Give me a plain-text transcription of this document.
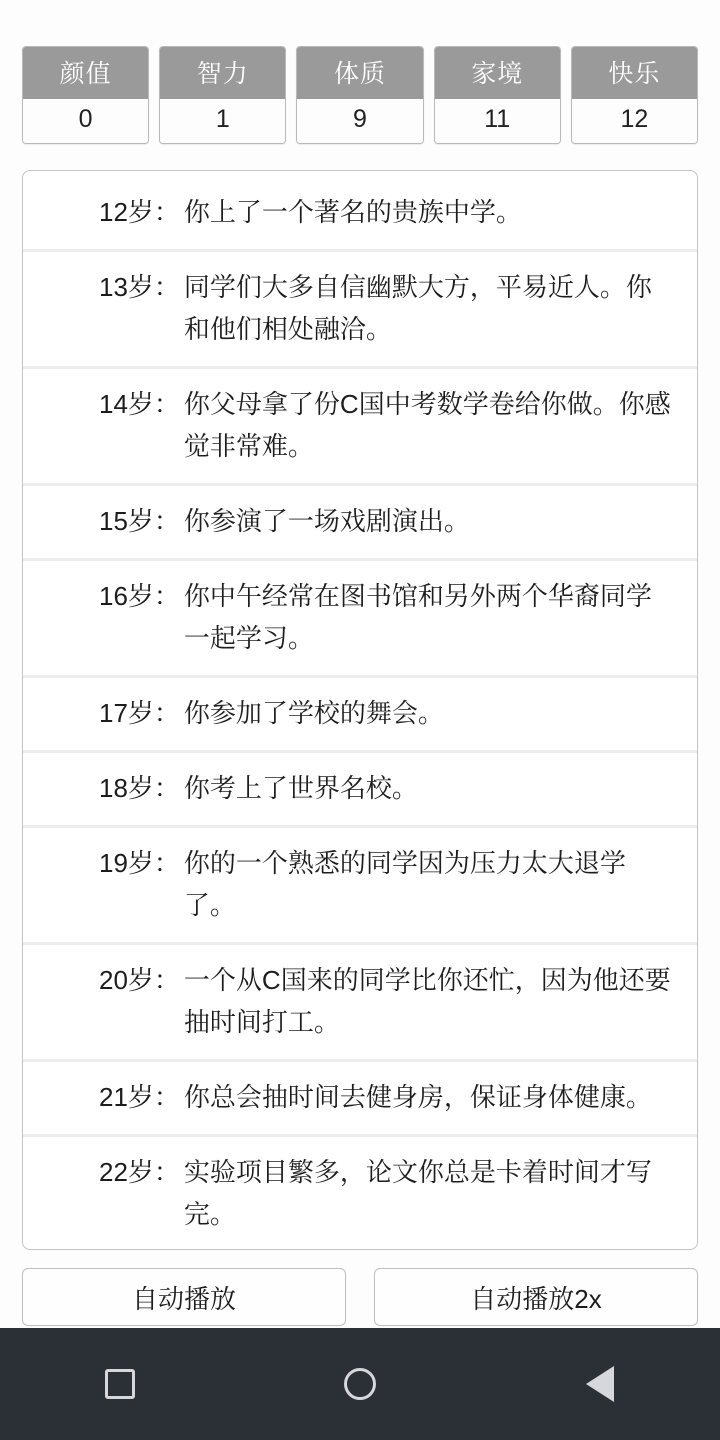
颜值
0
智力
1
体质
9
家境
11
快乐
12
12岁： 你上了一个著名的贵族中学。
13岁： 同学们大多自信幽默大方，平易近人。你和他们相处融洽。
14岁： 你父母拿了份C国中考数学卷给你做。你感觉非常难。
15岁： 你参演了一场戏剧演出。
16岁： 你中午经常在图书馆和另外两个华裔同学一起学习。
17岁： 你参加了学校的舞会。
18岁： 你考上了世界名校。
19岁： 你的一个熟悉的同学因为压力太大退学了。
20岁： 一个从C国来的同学比你还忙，因为他还要抽时间打工。
21岁： 你总会抽时间去健身房，保证身体健康。
22岁： 实验项目繁多，论文你总是卡着时间才写完。
自动播放	自动播放2x
